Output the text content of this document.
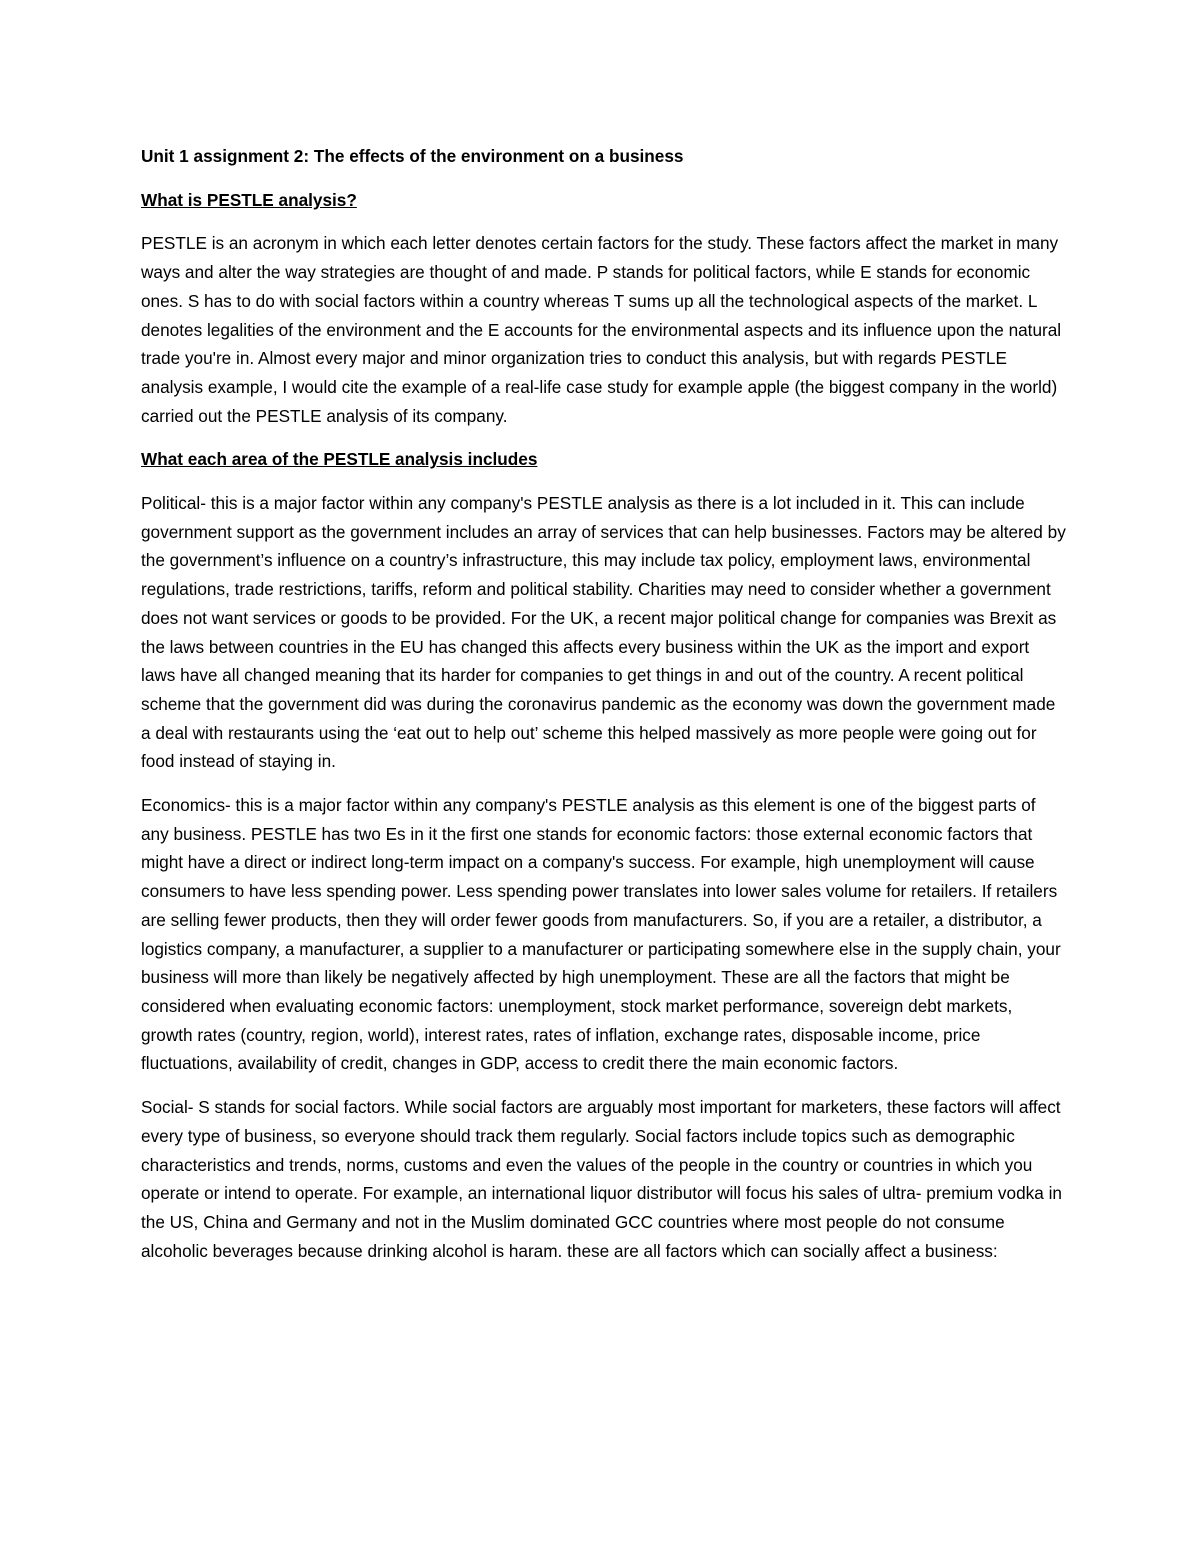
Unit 1 assignment 2: The effects of the environment on a business

What is PESTLE analysis?

PESTLE is an acronym in which each letter denotes certain factors for the study. These factors affect the market in many ways and alter the way strategies are thought of and made. P stands for political factors, while E stands for economic ones. S has to do with social factors within a country whereas T sums up all the technological aspects of the market. L denotes legalities of the environment and the E accounts for the environmental aspects and its influence upon the natural trade you're in. Almost every major and minor organization tries to conduct this analysis, but with regards PESTLE analysis example, I would cite the example of a real-life case study for example apple (the biggest company in the world) carried out the PESTLE analysis of its company.

What each area of the PESTLE analysis includes

Political- this is a major factor within any company's PESTLE analysis as there is a lot included in it. This can include government support as the government includes an array of services that can help businesses. Factors may be altered by the government’s influence on a country’s infrastructure, this may include tax policy, employment laws, environmental regulations, trade restrictions, tariffs, reform and political stability. Charities may need to consider whether a government does not want services or goods to be provided. For the UK, a recent major political change for companies was Brexit as the laws between countries in the EU has changed this affects every business within the UK as the import and export laws have all changed meaning that its harder for companies to get things in and out of the country. A recent political scheme that the government did was during the coronavirus pandemic as the economy was down the government made a deal with restaurants using the ‘eat out to help out’ scheme this helped massively as more people were going out for food instead of staying in.

Economics- this is a major factor within any company's PESTLE analysis as this element is one of the biggest parts of any business. PESTLE has two Es in it the first one stands for economic factors: those external economic factors that might have a direct or indirect long-term impact on a company's success. For example, high unemployment will cause consumers to have less spending power. Less spending power translates into lower sales volume for retailers. If retailers are selling fewer products, then they will order fewer goods from manufacturers. So, if you are a retailer, a distributor, a logistics company, a manufacturer, a supplier to a manufacturer or participating somewhere else in the supply chain, your business will more than likely be negatively affected by high unemployment. These are all the factors that might be considered when evaluating economic factors: unemployment, stock market performance, sovereign debt markets, growth rates (country, region, world), interest rates, rates of inflation, exchange rates, disposable income, price fluctuations, availability of credit, changes in GDP, access to credit there the main economic factors.

Social- S stands for social factors. While social factors are arguably most important for marketers, these factors will affect every type of business, so everyone should track them regularly. Social factors include topics such as demographic characteristics and trends, norms, customs and even the values of the people in the country or countries in which you operate or intend to operate. For example, an international liquor distributor will focus his sales of ultra- premium vodka in the US, China and Germany and not in the Muslim dominated GCC countries where most people do not consume alcoholic beverages because drinking alcohol is haram. these are all factors which can socially affect a business:
